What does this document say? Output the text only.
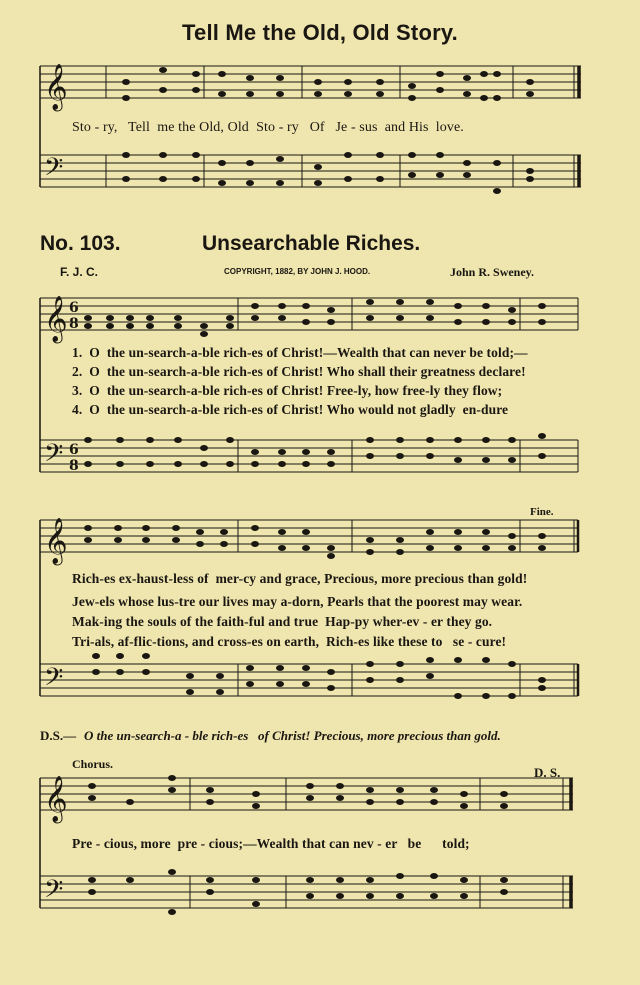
Tell Me the Old, Old Story.
𝄞
𝄢
Sto - ry,   Tell  me the Old, Old  Sto - ry   Of   Je - sus  and His  love.
No. 103.	Unsearchable Riches.
F. J. C.	COPYRIGHT, 1882, BY JOHN J. HOOD.	John R. Sweney.
𝄞
𝄢
𝄞
𝄢
𝄞
𝄢
6
8
6
8
1.  O  the un-search-a-ble rich-es of Christ!—Wealth that can never be told;—
2.  O  the un-search-a-ble rich-es of Christ! Who shall their greatness declare!
3.  O  the un-search-a-ble rich-es of Christ! Free-ly, how free-ly they flow;
4.  O  the un-search-a-ble rich-es of Christ! Who would not gladly  en-dure
Fine.
Rich-es ex-haust-less of  mer-cy and grace, Precious, more precious than gold!
Jew-els whose lus-tre our lives may a-dorn, Pearls that the poorest may wear.
Mak-ing the souls of the faith-ful and true  Hap-py wher-ev - er they go.
Tri-als, af-flic-tions, and cross-es on earth,  Rich-es like these to   se - cure!
D.S.— O the un-search-a - ble rich-es   of Christ! Precious, more precious than gold.
Chorus.
D. S.
Pre - cious, more  pre - cious;—Wealth that can nev - er   be      told;
